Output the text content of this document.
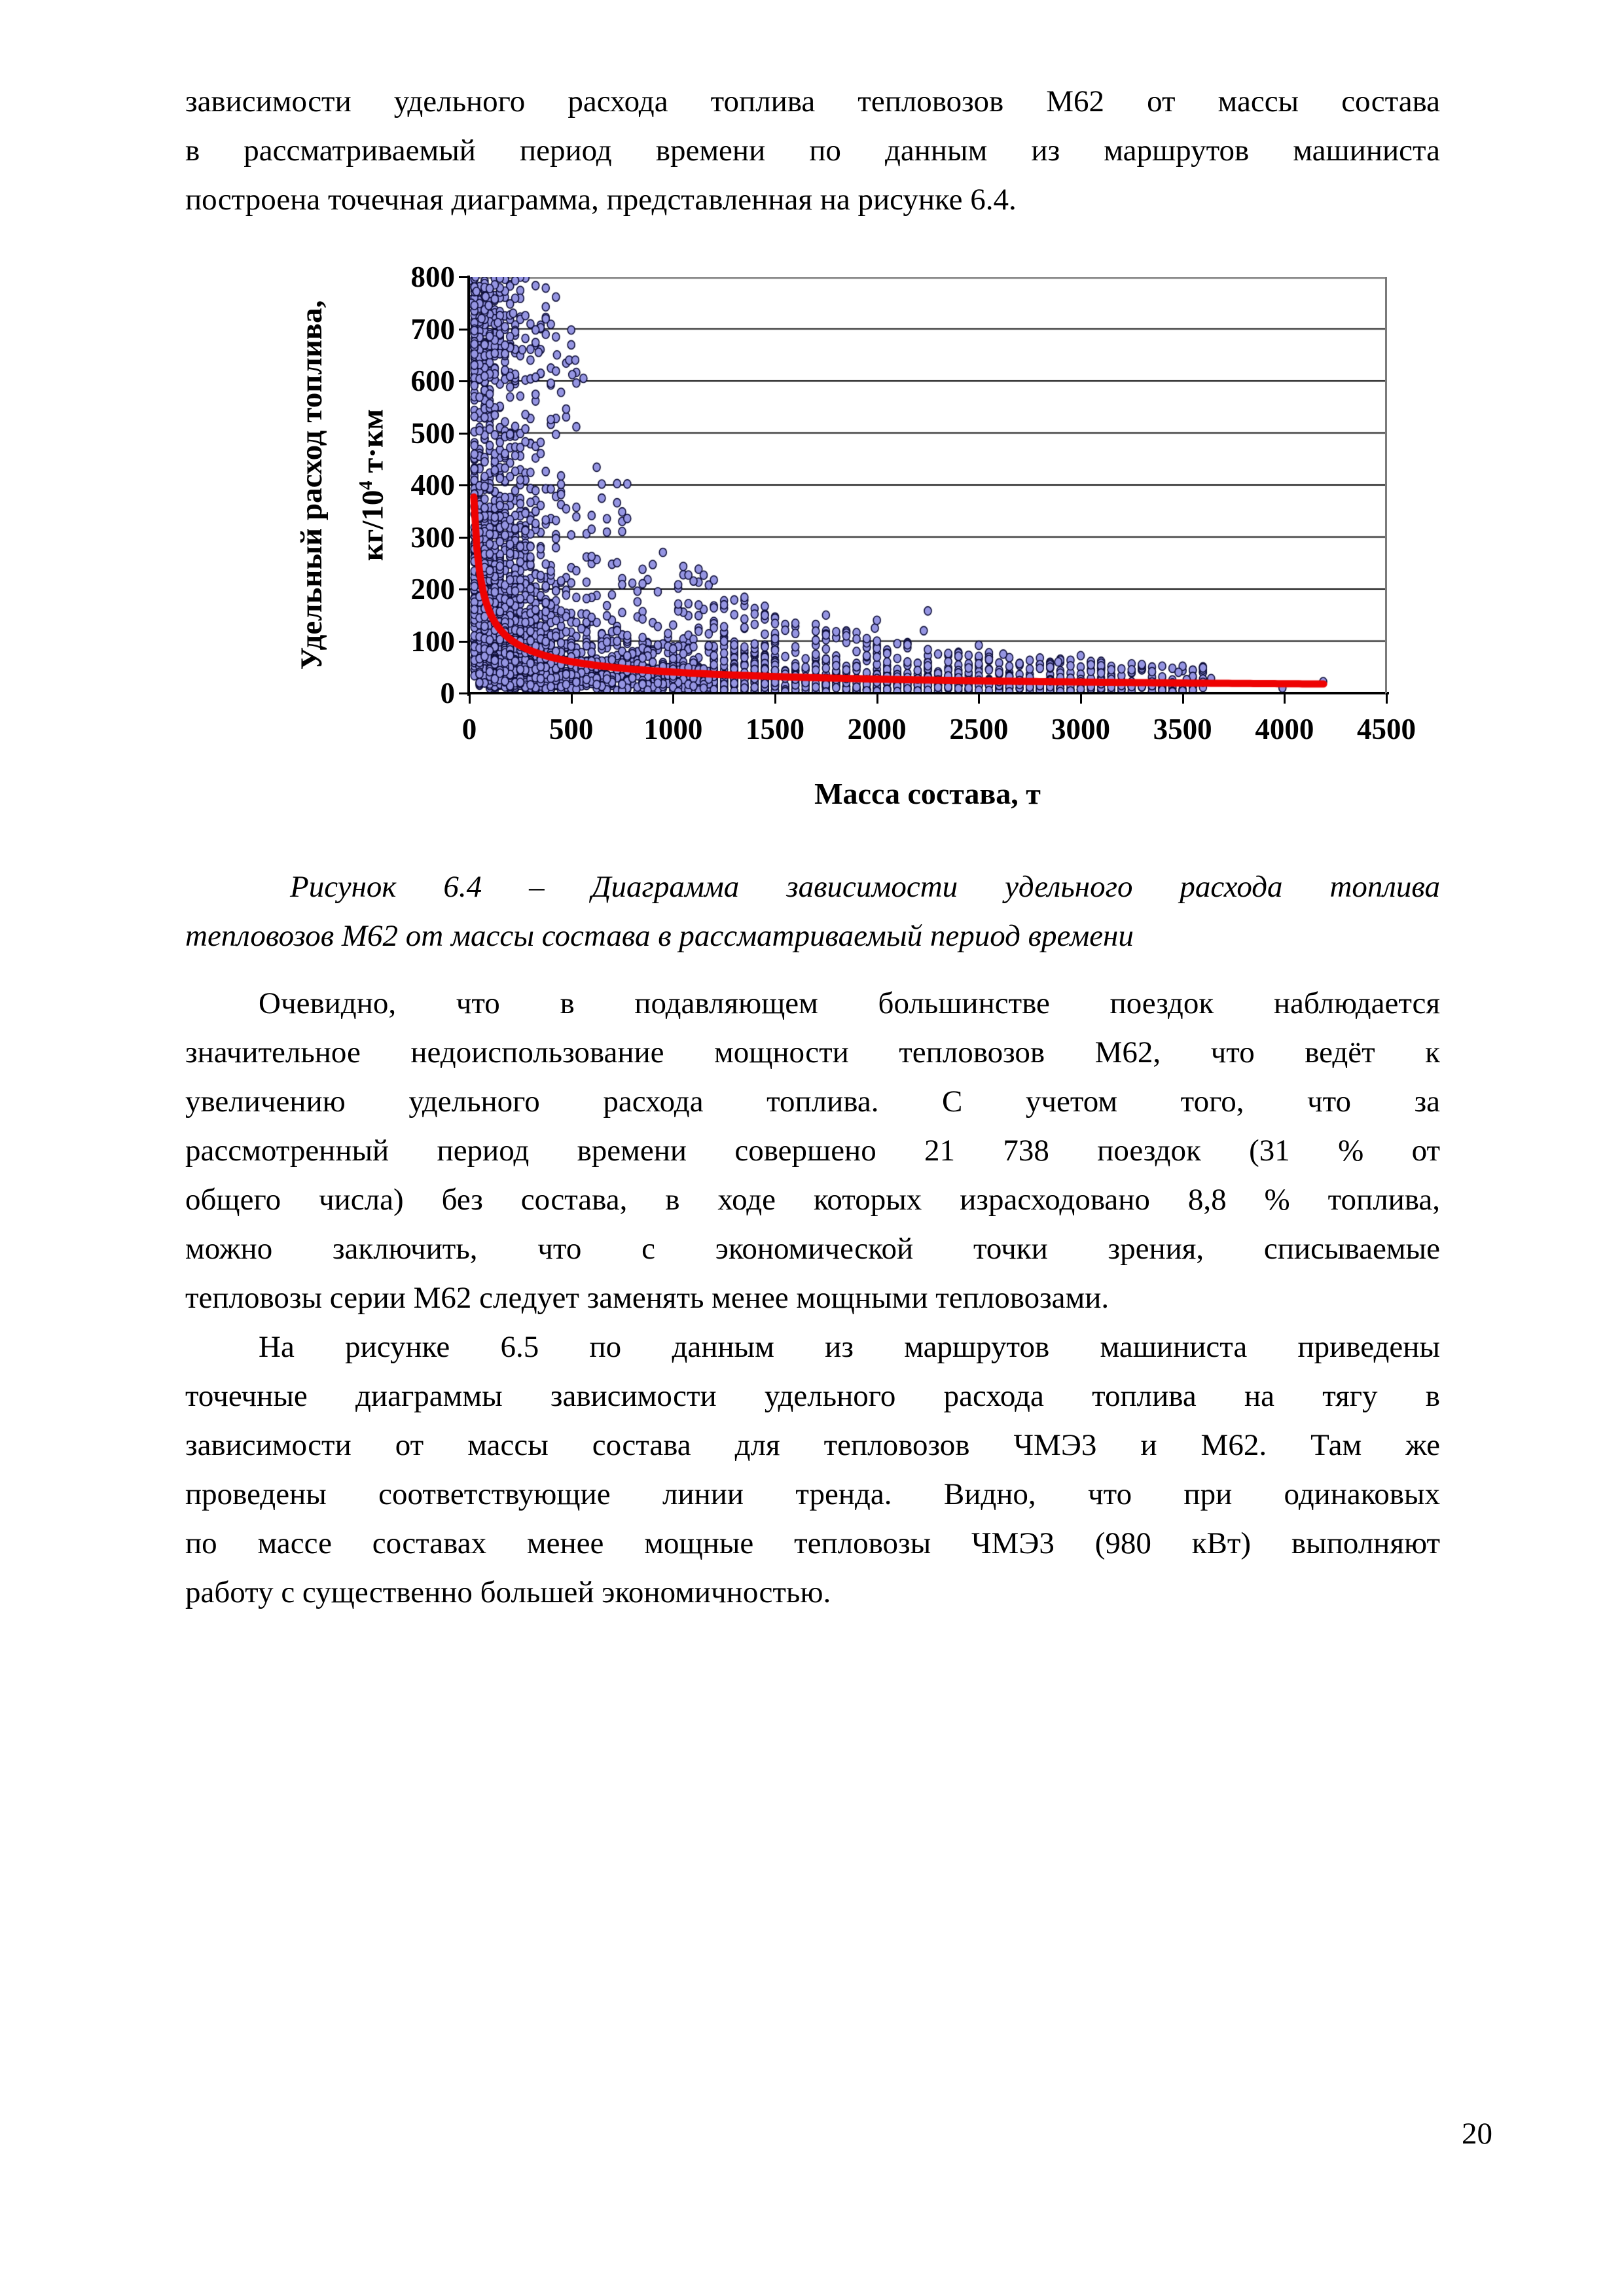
зависимости удельного расхода топлива тепловозов М62 от массы состава
в рассматриваемый период времени по данным из маршрутов машиниста
построена точечная диаграмма, представленная на рисунке 6.4.
Удельный расход топлива, $кг/10^4$ т·км
0
100
200
300
400
500
600
700
800
0	500	1000	1500	2000	2500	3000	3500	4000	4500
Масса состава, т
Рисунок 6.4 – Диаграмма зависимости удельного расхода топлива
тепловозов М62 от массы состава в рассматриваемый период времени
Очевидно, что в подавляющем большинстве поездок наблюдается
значительное недоиспользование мощности тепловозов М62, что ведёт к
увеличению удельного расхода топлива. С учетом того, что за
рассмотренный период времени совершено 21 738 поездок (31 % от
общего числа) без состава, в ходе которых израсходовано 8,8 % топлива,
можно заключить, что с экономической точки зрения, списываемые
тепловозы серии М62 следует заменять менее мощными тепловозами.
На рисунке 6.5 по данным из маршрутов машиниста приведены
точечные диаграммы зависимости удельного расхода топлива на тягу в
зависимости от массы состава для тепловозов ЧМЭ3 и М62. Там же
проведены соответствующие линии тренда. Видно, что при одинаковых
по массе составах менее мощные тепловозы ЧМЭ3 (980 кВт) выполняют
работу с существенно большей экономичностью.
20
